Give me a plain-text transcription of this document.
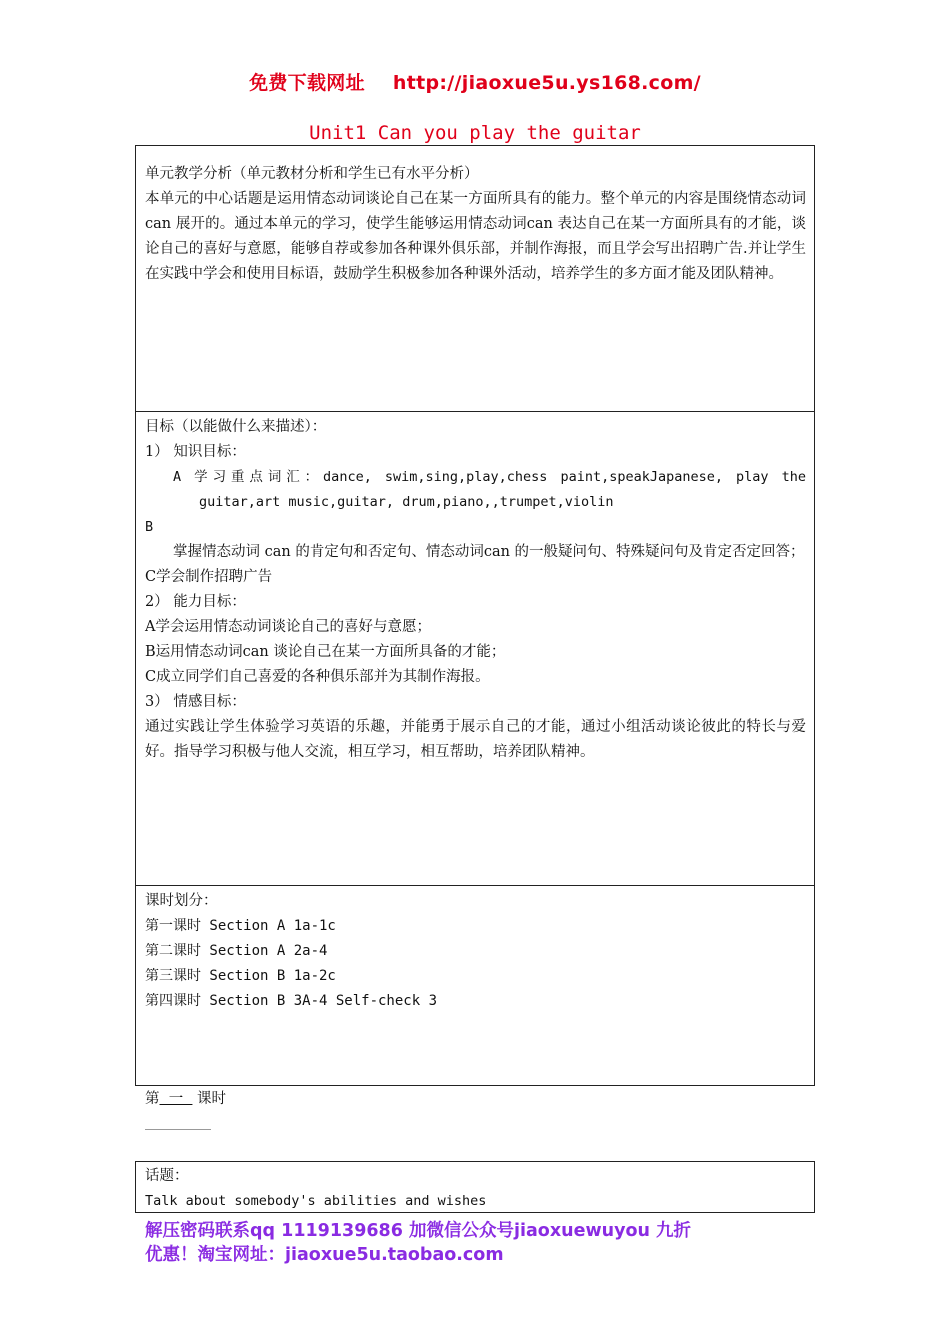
免费下载网址 http://jiaoxue5u.ys168.com/
Unit1 Can you play the guitar

单元教学分析（单元教材分析和学生已有水平分析）

本单元的中心话题是运用情态动词谈论自己在某一方面所具有的能力。整个单元的内容是围绕情态动词 can 展开的。通过本单元的学习，使学生能够运用情态动词can 表达自己在某一方面所具有的才能，谈论自己的喜好与意愿，能够自荐或参加各种课外俱乐部，并制作海报，而且学会写出招聘广告.并让学生在实践中学会和使用目标语，鼓励学生积极参加各种课外活动，培养学生的多方面才能及团队精神。

目标（以能做什么来描述）：

1） 知识目标：

A 学习重点词汇：dance, swim,sing,play,chess paint,speakJapanese, play the guitar,art music,guitar, drum,piano,,trumpet,violin

B

掌握情态动词 can 的肯定句和否定句、情态动词can 的一般疑问句、特殊疑问句及肯定否定回答；

C学会制作招聘广告

2） 能力目标：

A学会运用情态动词谈论自己的喜好与意愿；

B运用情态动词can 谈论自己在某一方面所具备的才能；

C成立同学们自己喜爱的各种俱乐部并为其制作海报。

3） 情感目标：

通过实践让学生体验学习英语的乐趣，并能勇于展示自己的才能，通过小组活动谈论彼此的特长与爱好。指导学习积极与他人交流，相互学习，相互帮助，培养团队精神。

课时划分：

第一课时 Section A 1a-1c

第二课时 Section A 2a-4

第三课时 Section B 1a-2c

第四课时 Section B 3A-4 Self-check 3

第  一   课时

话题：

Talk about somebody's abilities and wishes

解压密码联系qq 1119139686 加微信公众号jiaoxuewuyou 九折
优惠！淘宝网址：jiaoxue5u.taobao.com
